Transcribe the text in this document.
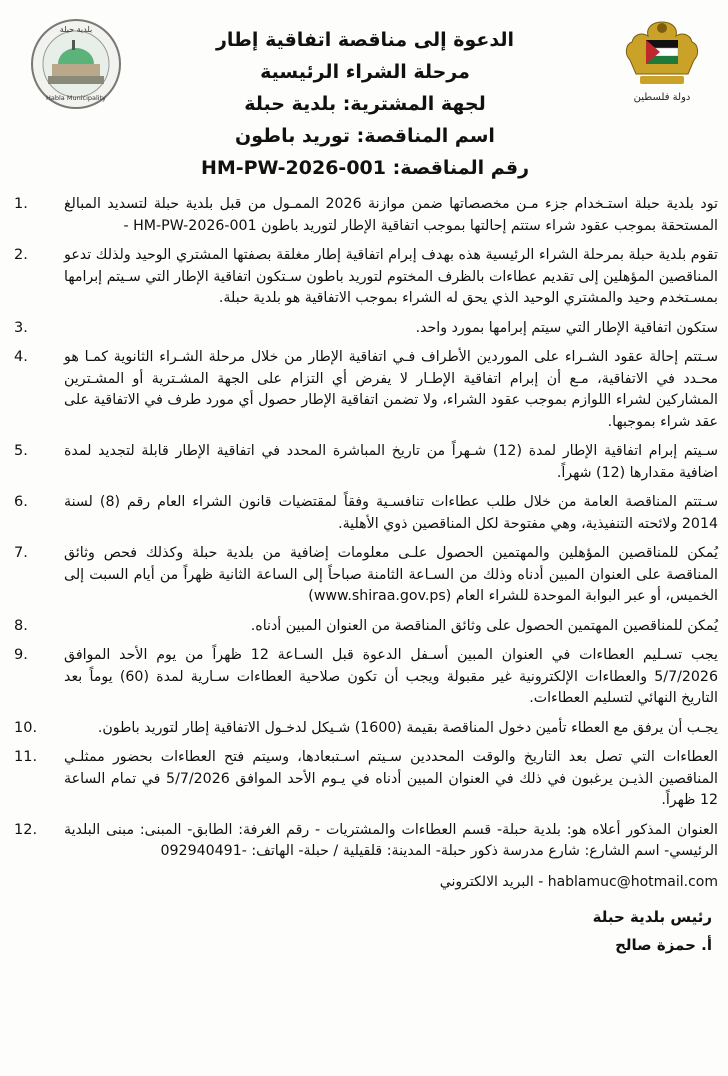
دولة فلسطين
بلدية حبلة
Habla Municipality
الدعوة إلى مناقصة اتفاقية إطار
مرحلة الشراء الرئيسية
لجهة المشترية: بلدية حبلة
اسم المناقصة: توريد باطون
رقم المناقصة: HM-PW-2026-001
1.	تود بلدية حبلة استـخدام جزء مـن مخصصاتها ضمن موازنة 2026 الممـول من قبل بلدية حبلة لتسديد المبالغ المستحقة بموجب عقود شراء ستتم إحالتها بموجب اتفاقية الإطار لتوريد باطون HM-PW-2026-001 -
2.	تقوم بلدية حبلة بمرحلة الشراء الرئيسية هذه بهدف إبرام اتفاقية إطار مغلقة بصفتها المشتري الوحيد ولذلك تدعو المناقصين المؤهلين إلى تقديم عطاءات بالظرف المختوم لتوريد باطون سـتكون اتفاقية الإطار التي سـيتم إبرامها بمسـتخدم وحيد والمشتري الوحيد الذي يحق له الشراء بموجب الاتفاقية هو بلدية حبلة.
3.	ستكون اتفاقية الإطار التي سيتم إبرامها بمورد واحد.
4.	سـتتم إحالة عقود الشـراء على الموردين الأطراف فـي اتفاقية الإطار من خلال مرحلة الشـراء الثانوية كمـا هو محـدد في الاتفاقية، مـع أن إبرام اتفاقية الإطـار لا يفرض أي التزام على الجهة المشـترية أو المشـترين المشاركين لشراء اللوازم بموجب عقود الشراء، ولا تضمن اتفاقية الإطار حصول أي مورد طرف في الاتفاقية على عقد شراء بموجبها.
5.	سـيتم إبرام اتفاقية الإطار لمدة (12) شـهراً من تاريخ المباشرة المحدد في اتفاقية الإطار قابلة لتجديد لمدة اضافية مقدارها (12) شهراً.
6.	سـتتم المناقصة العامة من خلال طلب عطاءات تنافسـية وفقاً لمقتضيات قانون الشراء العام رقم (8) لسنة 2014 ولائحته التنفيذية، وهي مفتوحة لكل المناقصين ذوي الأهلية.
7.	يُمكن للمناقصين المؤهلين والمهتمين الحصول علـى معلومات إضافية من بلدية حبلة وكذلك فحص وثائق المناقصة على العنوان المبين أدناه وذلك من السـاعة الثامنة صباحاً إلى الساعة الثانية ظهراً من أيام السبت إلى الخميس، أو عبر البوابة الموحدة للشراء العام (www.shiraa.gov.ps)
8.	يُمكن للمناقصين المهتمين الحصول على وثائق المناقصة من العنوان المبين أدناه.
9.	يجب تسـليم العطاءات في العنوان المبين أسـفل الدعوة قبل السـاعة 12 ظهراً من يوم الأحد الموافق 5/7/2026 والعطاءات الإلكترونية غير مقبولة ويجب أن تكون صلاحية العطاءات سـارية لمدة (60) يوماً بعد التاريخ النهائي لتسليم العطاءات.
10.	يجـب أن يرفق مع العطاء تأمين دخول المناقصة بقيمة (1600) شـيكل لدخـول الاتفاقية إطار لتوريد باطون.
11.	العطاءات التي تصل بعد التاريخ والوقت المحددين سـيتم اسـتبعادها، وسيتم فتح العطاءات بحضور ممثلـي المناقصين الذيـن يرغبون في ذلك في العنوان المبين أدناه في يـوم الأحد الموافق 5/7/2026 في تمام الساعة 12 ظهراً.
12.	العنوان المذكور أعلاه هو: بلدية حبلة- قسم العطاءات والمشتريات - رقم الغرفة: الطابق- المبنى: مبنى البلدية الرئيسي- اسم الشارع: شارع مدرسة ذكور حبلة- المدينة: قلقيلية / حبلة- الهاتف: -092940491
hablamuc@hotmail.com - البريد الالكتروني
رئيس بلدية حبلة
أ. حمزة صالح
